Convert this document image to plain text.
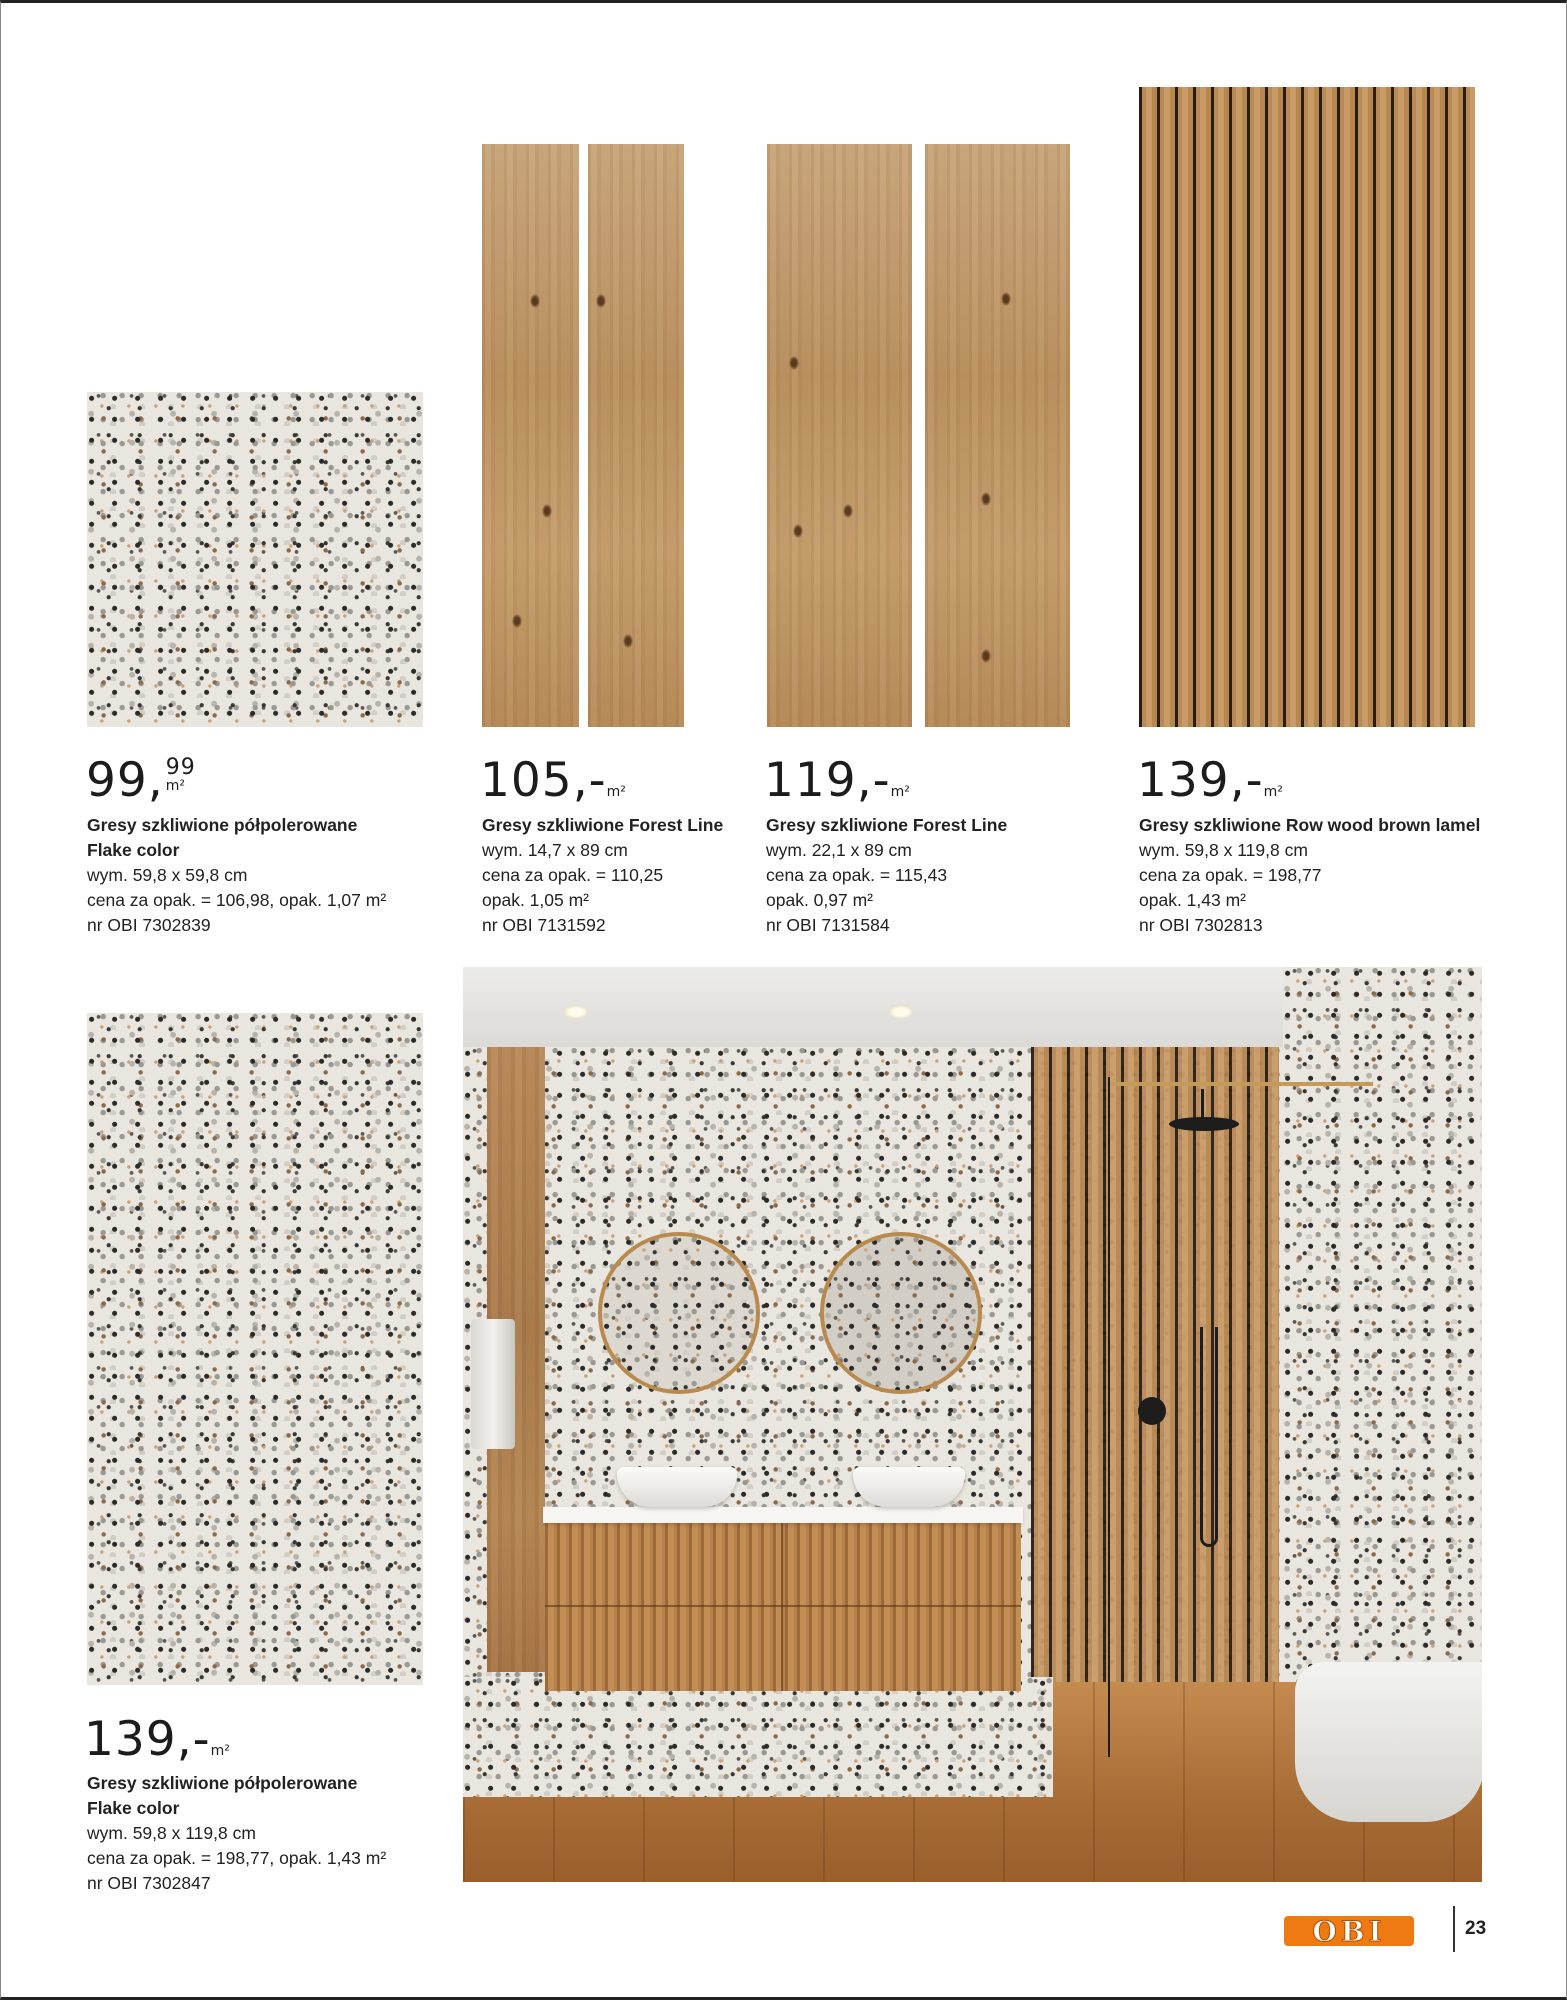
99, 99
m²
Gresy szkliwione półpolerowane
Flake color
wym. 59,8 x 59,8 cm
cena za opak. = 106,98, opak. 1,07 m²
nr OBI 7302839
105,-m²
Gresy szkliwione Forest Line
wym. 14,7 x 89 cm
cena za opak. = 110,25
opak. 1,05 m²
nr OBI 7131592
119,-m²
Gresy szkliwione Forest Line
wym. 22,1 x 89 cm
cena za opak. = 115,43
opak. 0,97 m²
nr OBI 7131584
139,-m²
Gresy szkliwione Row wood brown lamel
wym. 59,8 x 119,8 cm
cena za opak. = 198,77
opak. 1,43 m²
nr OBI 7302813
139,-m²
Gresy szkliwione półpolerowane
Flake color
wym. 59,8 x 119,8 cm
cena za opak. = 198,77, opak. 1,43 m²
nr OBI 7302847
OBI	23
